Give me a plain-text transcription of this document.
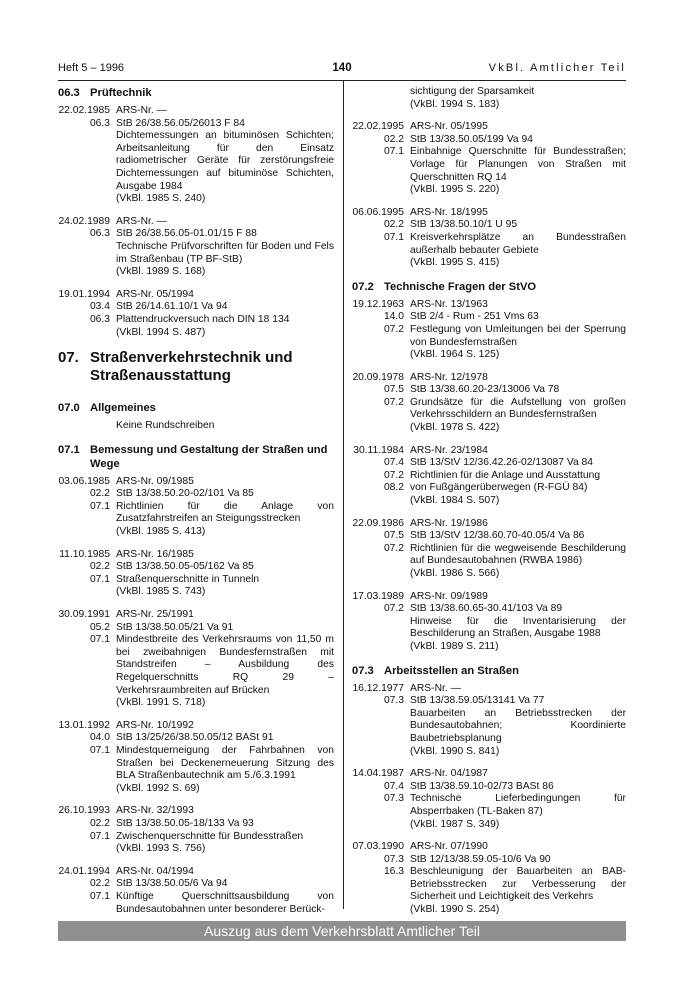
Heft 5 – 1996	140	VkBl. Amtlicher Teil
06.3 Prüftechnik
22.02.1985 ARS-Nr. —
06.3 StB 26/38.56.05/26013 F 84
Dichtemessungen an bituminösen Schichten; Arbeitsanleitung für den Einsatz radiometrischer Geräte für zerstörungsfreie Dichtemessungen auf bituminöse Schichten, Ausgabe 1984
(VkBl. 1985 S. 240)
24.02.1989 ARS-Nr. —
06.3 StB 26/38.56.05-01.01/15 F 88
Technische Prüfvorschriften für Boden und Fels im Straßenbau (TP BF-StB)
(VkBl. 1989 S. 168)
19.01.1994 ARS-Nr. 05/1994
03.4 StB 26/14.61.10/1 Va 94
06.3 Plattendruckversuch nach DIN 18 134
(VkBl. 1994 S. 487)
07. Straßenverkehrstechnik und Straßenausstattung
07.0 Allgemeines
Keine Rundschreiben
07.1 Bemessung und Gestaltung der Straßen und Wege
03.06.1985 ARS-Nr. 09/1985
02.2 StB 13/38.50.20-02/101 Va 85
07.1 Richtlinien für die Anlage von Zusatzfahrstreifen an Steigungsstrecken
(VkBl. 1985 S. 413)
11.10.1985 ARS-Nr. 16/1985
02.2 StB 13/38.50.05-05/162 Va 85
07.1 Straßenquerschnitte in Tunneln
(VkBl. 1985 S. 743)
30.09.1991 ARS-Nr. 25/1991
05.2 StB 13/38.50.05/21 Va 91
07.1 Mindestbreite des Verkehrsraums von 11,50 m bei zweibahnigen Bundesfernstraßen mit Standstreifen – Ausbildung des Regelquerschnitts RQ 29 – Verkehrsraumbreiten auf Brücken
(VkBl. 1991 S. 718)
13.01.1992 ARS-Nr. 10/1992
04.0 StB 13/25/26/38.50.05/12 BASt 91
07.1 Mindestquerneigung der Fahrbahnen von Straßen bei Deckenerneuerung Sitzung des BLA Straßenbautechnik am 5./6.3.1991
(VkBl. 1992 S. 69)
26.10.1993 ARS-Nr. 32/1993
02.2 StB 13/38.50.05-18/133 Va 93
07.1 Zwischenquerschnitte für Bundesstraßen
(VkBl. 1993 S. 756)
24.01.1994 ARS-Nr. 04/1994
02.2 StB 13/38.50.05/6 Va 94
07.1 Künftige Querschnittsausbildung von Bundesautobahnen unter besonderer Berück-
sichtigung der Sparsamkeit
(VkBl. 1994 S. 183)
22.02.1995 ARS-Nr. 05/1995
02.2 StB 13/38.50.05/199 Va 94
07.1 Einbahnige Querschnitte für Bundesstraßen; Vorlage für Planungen von Straßen mit Querschnitten RQ 14
(VkBl. 1995 S. 220)
06.06.1995 ARS-Nr. 18/1995
02.2 StB 13/38.50.10/1 U 95
07.1 Kreisverkehrsplätze an Bundesstraßen außerhalb bebauter Gebiete
(VkBl. 1995 S. 415)
07.2 Technische Fragen der StVO
19.12.1963 ARS-Nr. 13/1963
14.0 StB 2/4 - Rum - 251 Vms 63
07.2 Festlegung von Umleitungen bei der Sperrung von Bundesfernstraßen
(VkBl. 1964 S. 125)
20.09.1978 ARS-Nr. 12/1978
07.5 StB 13/38.60.20-23/13006 Va 78
07.2 Grundsätze für die Aufstellung von großen Verkehrsschildern an Bundesfernstraßen
(VkBl. 1978 S. 422)
30.11.1984 ARS-Nr. 23/1984
07.4 StB 13/StV 12/36.42.26-02/13087 Va 84
07.2 Richtlinien für die Anlage und Ausstattung
08.2 von Fußgängerüberwegen (R-FGÜ 84)
(VkBl. 1984 S. 507)
22.09.1986 ARS-Nr. 19/1986
07.5 StB 13/StV 12/38.60.70-40.05/4 Va 86
07.2 Richtlinien für die wegweisende Beschilderung auf Bundesautobahnen (RWBA 1986)
(VkBl. 1986 S. 566)
17.03.1989 ARS-Nr. 09/1989
07.2 StB 13/38.60.65-30.41/103 Va 89
Hinweise für die Inventarisierung der Beschilderung an Straßen, Ausgabe 1988
(VkBl. 1989 S. 211)
07.3 Arbeitsstellen an Straßen
16.12.1977 ARS-Nr. —
07.3 StB 13/38.59.05/13141 Va 77
Bauarbeiten an Betriebsstrecken der Bundesautobahnen; Koordinierte Baubetriebsplanung
(VkBl. 1990 S. 841)
14.04.1987 ARS-Nr. 04/1987
07.4 StB 13/38.59.10-02/73 BASt 86
07.3 Technische Lieferbedingungen für Absperrbaken (TL-Baken 87)
(VkBl. 1987 S. 349)
07.03.1990 ARS-Nr. 07/1990
07.3 StB 12/13/38.59.05-10/6 Va 90
16.3 Beschleunigung der Bauarbeiten an BAB-Betriebsstrecken zur Verbesserung der Sicherheit und Leichtigkeit des Verkehrs
(VkBl. 1990 S. 254)
Auszug aus dem Verkehrsblatt Amtlicher Teil
